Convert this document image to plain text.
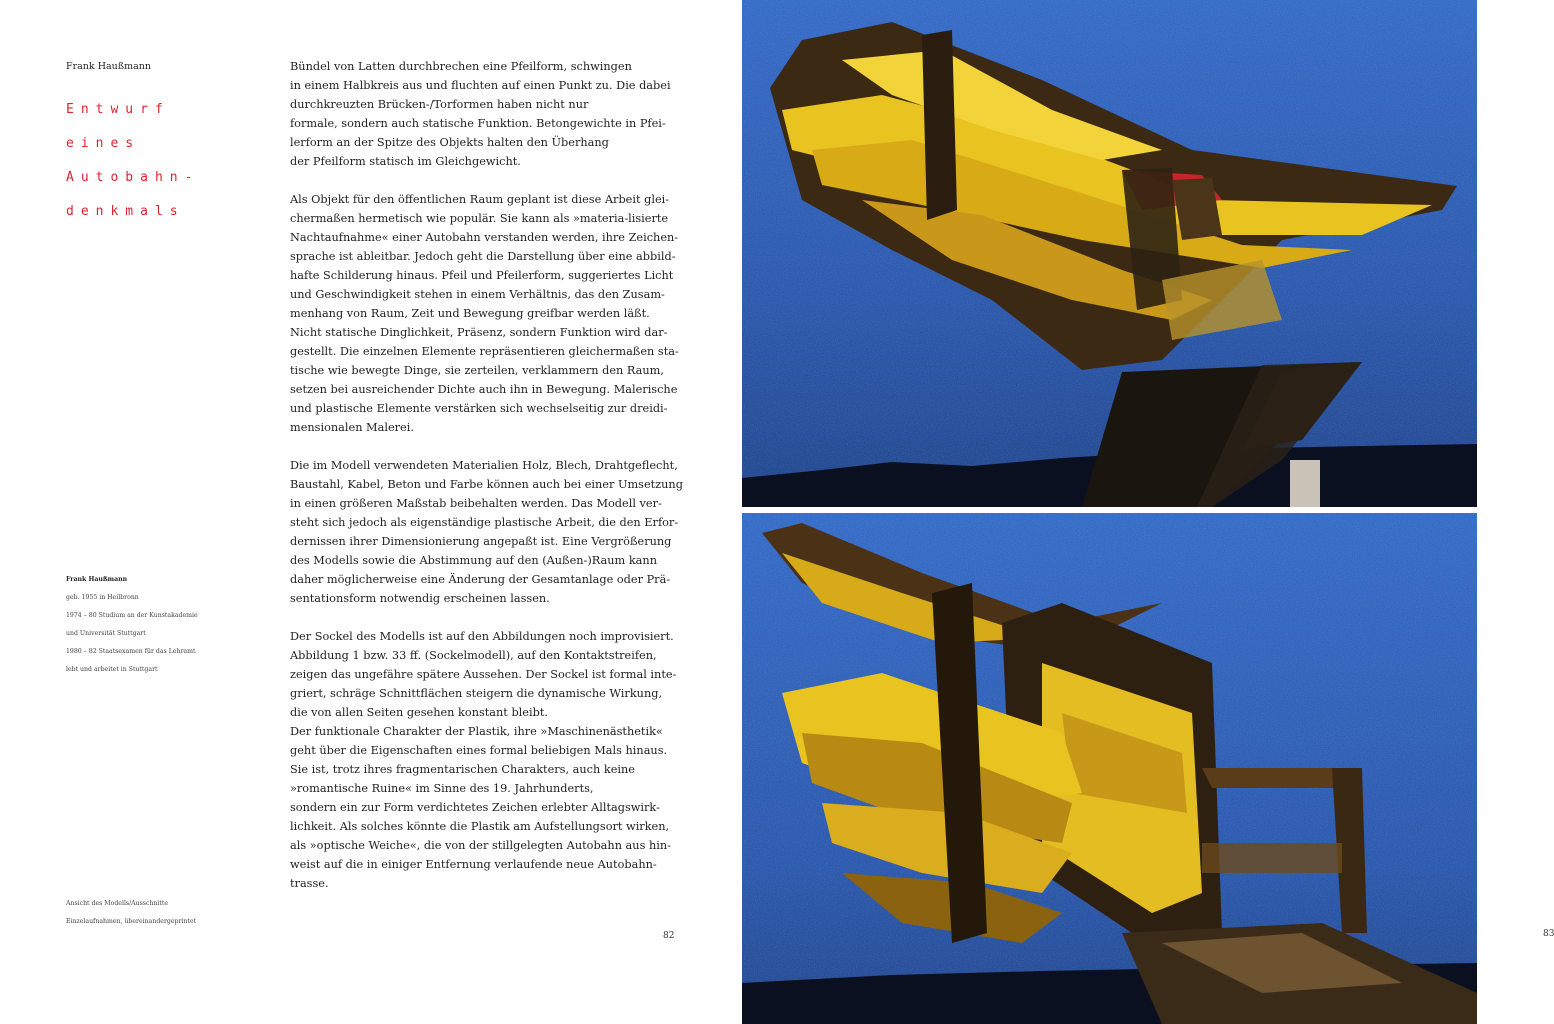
Frank Haußmann
Entwurf
eines
Autobahn-
denkmals

Bündel von Latten durchbrechen eine Pfeilform, schwingen
in einem Halbkreis aus und fluchten auf einen Punkt zu. Die dabei
durchkreuzten Brücken-/Torformen haben nicht nur
formale, sondern auch statische Funktion. Betongewichte in Pfei-
lerform an der Spitze des Objekts halten den Überhang
der Pfeilform statisch im Gleichgewicht.

Als Objekt für den öffentlichen Raum geplant ist diese Arbeit glei-
chermaßen hermetisch wie populär. Sie kann als »materia-lisierte
Nachtaufnahme« einer Autobahn verstanden werden, ihre Zeichen-
sprache ist ableitbar. Jedoch geht die Darstellung über eine abbild-
hafte Schilderung hinaus. Pfeil und Pfeilerform, suggeriertes Licht
und Geschwindigkeit stehen in einem Verhältnis, das den Zusam-
menhang von Raum, Zeit und Bewegung greifbar werden läßt.
Nicht statische Dinglichkeit, Präsenz, sondern Funktion wird dar-
gestellt. Die einzelnen Elemente repräsentieren gleichermaßen sta-
tische wie bewegte Dinge, sie zerteilen, verklammern den Raum,
setzen bei ausreichender Dichte auch ihn in Bewegung. Malerische
und plastische Elemente verstärken sich wechselseitig zur dreidi-
mensionalen Malerei.

Die im Modell verwendeten Materialien Holz, Blech, Drahtgeflecht,
Baustahl, Kabel, Beton und Farbe können auch bei einer Umsetzung
in einen größeren Maßstab beibehalten werden. Das Modell ver-
steht sich jedoch als eigenständige plastische Arbeit, die den Erfor-
dernissen ihrer Dimensionierung angepaßt ist. Eine Vergrößerung
des Modells sowie die Abstimmung auf den (Außen-)Raum kann
daher möglicherweise eine Änderung der Gesamtanlage oder Prä-
sentationsform notwendig erscheinen lassen.

Der Sockel des Modells ist auf den Abbildungen noch improvisiert.
Abbildung 1 bzw. 33 ff. (Sockelmodell), auf den Kontaktstreifen,
zeigen das ungefähre spätere Aussehen. Der Sockel ist formal inte-
griert, schräge Schnittflächen steigern die dynamische Wirkung,
die von allen Seiten gesehen konstant bleibt.
Der funktionale Charakter der Plastik, ihre »Maschinenästhetik«
geht über die Eigenschaften eines formal beliebigen Mals hinaus.
Sie ist, trotz ihres fragmentarischen Charakters, auch keine
»romantische Ruine« im Sinne des 19. Jahrhunderts,
sondern ein zur Form verdichtetes Zeichen erlebter Alltagswirk-
lichkeit. Als solches könnte die Plastik am Aufstellungsort wirken,
als »optische Weiche«, die von der stillgelegten Autobahn aus hin-
weist auf die in einiger Entfernung verlaufende neue Autobahn-
trasse.

Frank Haußmann
geb. 1955 in Heilbronn
1974 – 80 Studium an der Kunstakademie
und Universität Stuttgart
1980 – 82 Staatsexamen für das Lehramt
lebt und arbeitet in Stuttgart
Ansicht des Modells/Ausschnitte
Einzelaufnahmen, übereinandergeprintet
82	83
